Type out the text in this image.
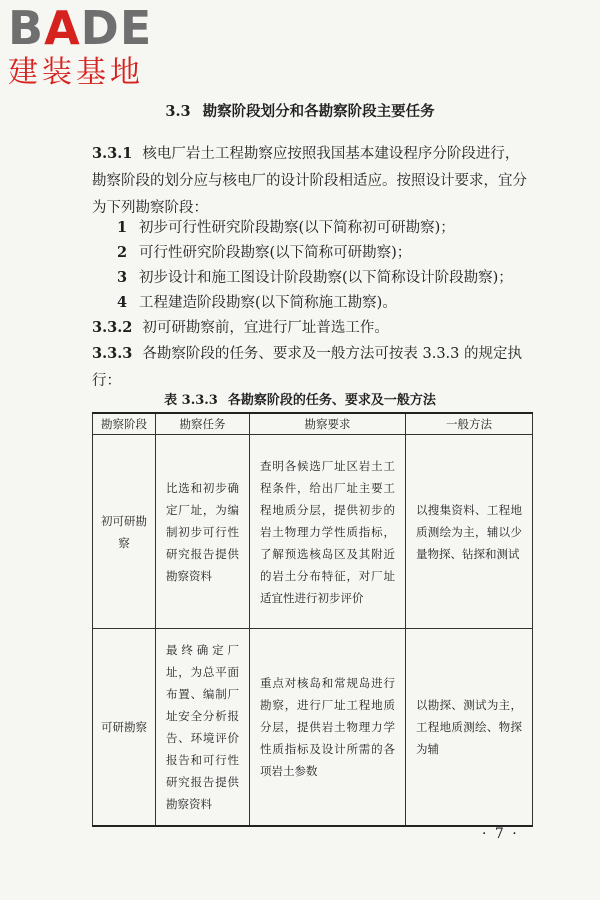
BADE
建装基地
3.3 勘察阶段划分和各勘察阶段主要任务
3.3.1 核电厂岩土工程勘察应按照我国基本建设程序分阶段进行，勘察阶段的划分应与核电厂的设计阶段相适应。按照设计要求，宜分为下列勘察阶段：
1 初步可行性研究阶段勘察(以下简称初可研勘察)；
2 可行性研究阶段勘察(以下简称可研勘察)；
3 初步设计和施工图设计阶段勘察(以下简称设计阶段勘察)；
4 工程建造阶段勘察(以下简称施工勘察)。
3.3.2 初可研勘察前，宜进行厂址普选工作。
3.3.3 各勘察阶段的任务、要求及一般方法可按表 3.3.3 的规定执行：
表 3.3.3 各勘察阶段的任务、要求及一般方法
勘察阶段	勘察任务	勘察要求	一般方法
初可研勘察	比选和初步确定厂址，为编制初步可行性研究报告提供勘察资料	查明各候选厂址区岩土工程条件，给出厂址主要工程地质分层，提供初步的岩土物理力学性质指标，了解预选核岛区及其附近的岩土分布特征，对厂址适宜性进行初步评价	以搜集资料、工程地质测绘为主，辅以少量物探、钻探和测试
可研勘察	最终确定厂址，为总平面布置、编制厂址安全分析报告、环境评价报告和可行性研究报告提供勘察资料	重点对核岛和常规岛进行勘察，进行厂址工程地质分层，提供岩土物理力学性质指标及设计所需的各项岩土参数	以勘探、测试为主，工程地质测绘、物探为辅
· 7 ·
